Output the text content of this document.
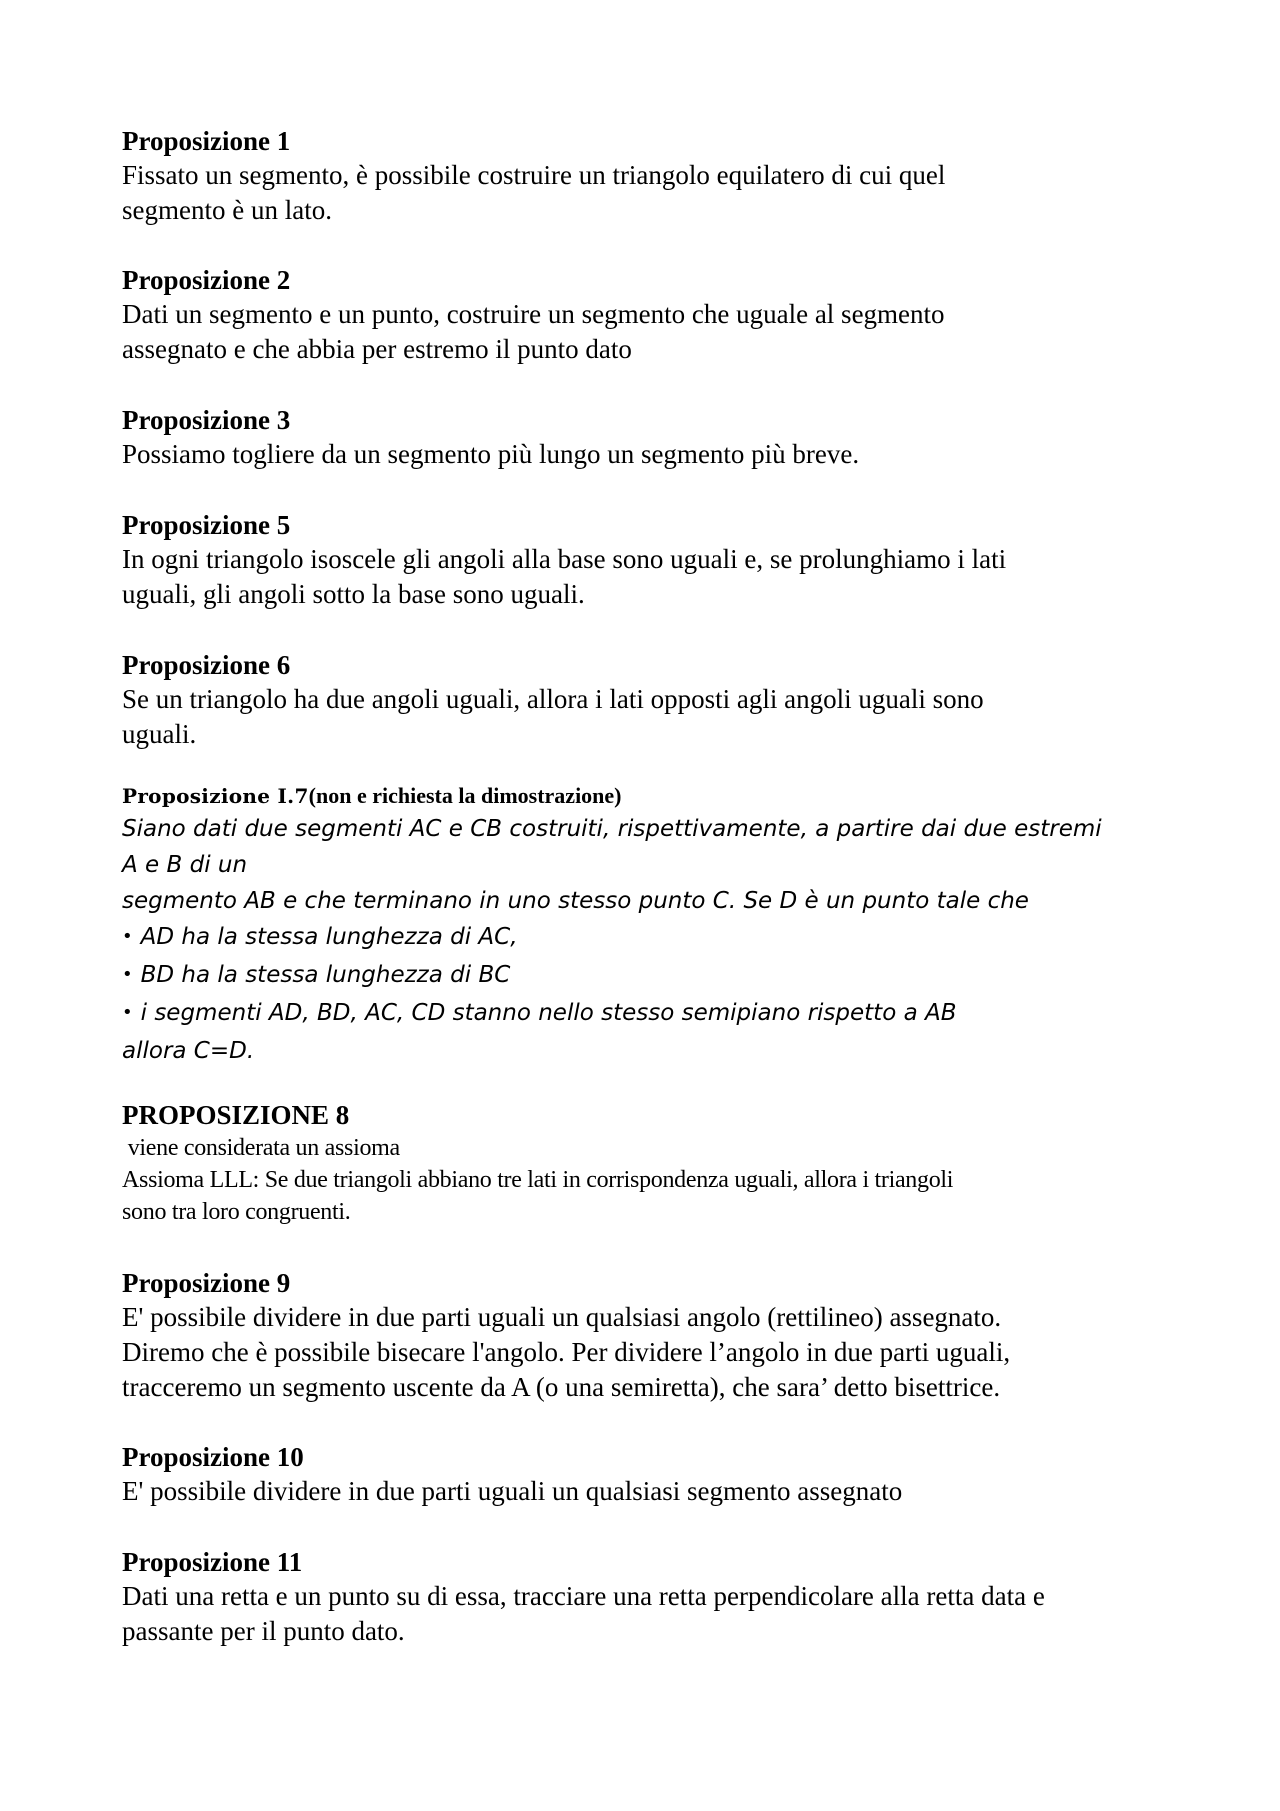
Proposizione 1

Fissato un segmento, è possibile costruire un triangolo equilatero di cui quel

segmento è un lato.

Proposizione 2

Dati un segmento e un punto, costruire un segmento che uguale al segmento

assegnato e che abbia per estremo il punto dato

Proposizione 3

Possiamo togliere da un segmento più lungo un segmento più breve.

Proposizione 5

In ogni triangolo isoscele gli angoli alla base sono uguali e, se prolunghiamo i lati

uguali, gli angoli sotto la base sono uguali.

Proposizione 6

Se un triangolo ha due angoli uguali, allora i lati opposti agli angoli uguali sono

uguali.

Proposizione I.7(non e richiesta la dimostrazione)

Siano dati due segmenti AC e CB costruiti, rispettivamente, a partire dai due estremi

A e B di un

segmento AB e che terminano in uno stesso punto C. Se D è un punto tale che

• AD ha la stessa lunghezza di AC,

• BD ha la stessa lunghezza di BC

• i segmenti AD, BD, AC, CD stanno nello stesso semipiano rispetto a AB

allora C=D.

PROPOSIZIONE 8

viene considerata un assioma

Assioma LLL: Se due triangoli abbiano tre lati in corrispondenza uguali, allora i triangoli

sono tra loro congruenti.

Proposizione 9

E' possibile dividere in due parti uguali un qualsiasi angolo (rettilineo) assegnato.

Diremo che è possibile bisecare l'angolo. Per dividere l’angolo in due parti uguali,

tracceremo un segmento uscente da A (o una semiretta), che sara’ detto bisettrice.

Proposizione 10

E' possibile dividere in due parti uguali un qualsiasi segmento assegnato

Proposizione 11

Dati una retta e un punto su di essa, tracciare una retta perpendicolare alla retta data e

passante per il punto dato.
